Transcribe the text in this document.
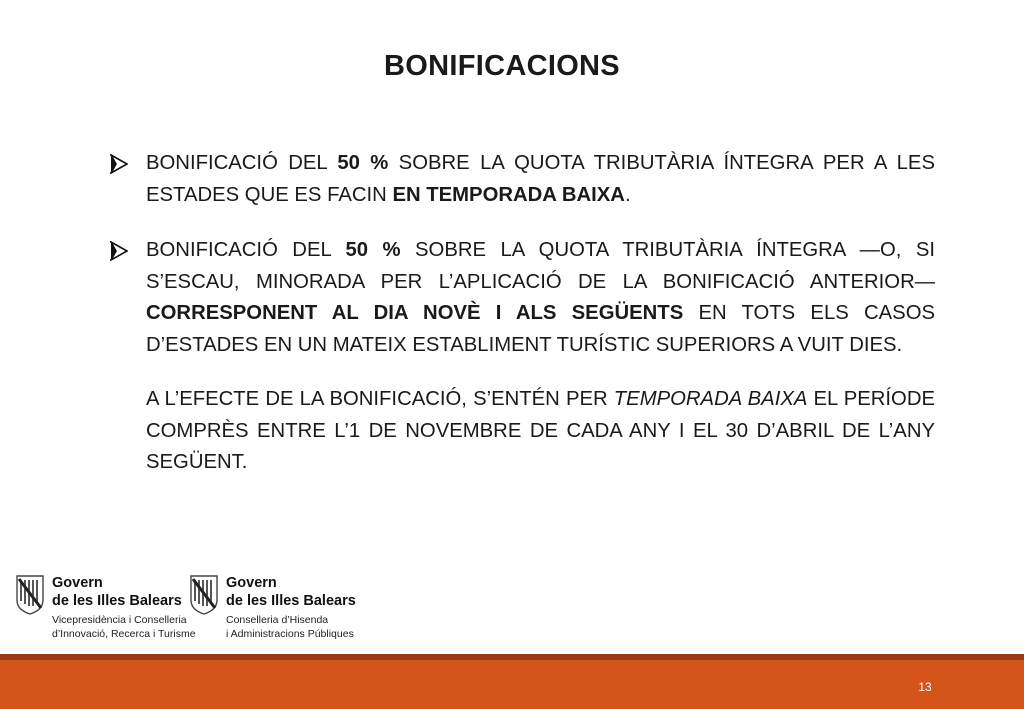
BONIFICACIONS
BONIFICACIÓ DEL 50 % SOBRE LA QUOTA TRIBUTÀRIA ÍNTEGRA PER A LES ESTADES QUE ES FACIN EN TEMPORADA BAIXA.
BONIFICACIÓ DEL 50 % SOBRE LA QUOTA TRIBUTÀRIA ÍNTEGRA —O, SI S’ESCAU, MINORADA PER L’APLICACIÓ DE LA BONIFICACIÓ ANTERIOR— CORRESPONENT AL DIA NOVÈ I ALS SEGÜENTS EN TOTS ELS CASOS D’ESTADES EN UN MATEIX ESTABLIMENT TURÍSTIC SUPERIORS A VUIT DIES.
A L’EFECTE DE LA BONIFICACIÓ, S’ENTÉN PER TEMPORADA BAIXA EL PERÍODE COMPRÈS ENTRE L’1 DE NOVEMBRE DE CADA ANY I EL 30 D’ABRIL DE L’ANY SEGÜENT.
Govern
de les Illes Balears
Vicepresidència i Conselleria
d’Innovació, Recerca i Turisme
Govern
de les Illes Balears
Conselleria d’Hisenda
i Administracions Públiques
13
